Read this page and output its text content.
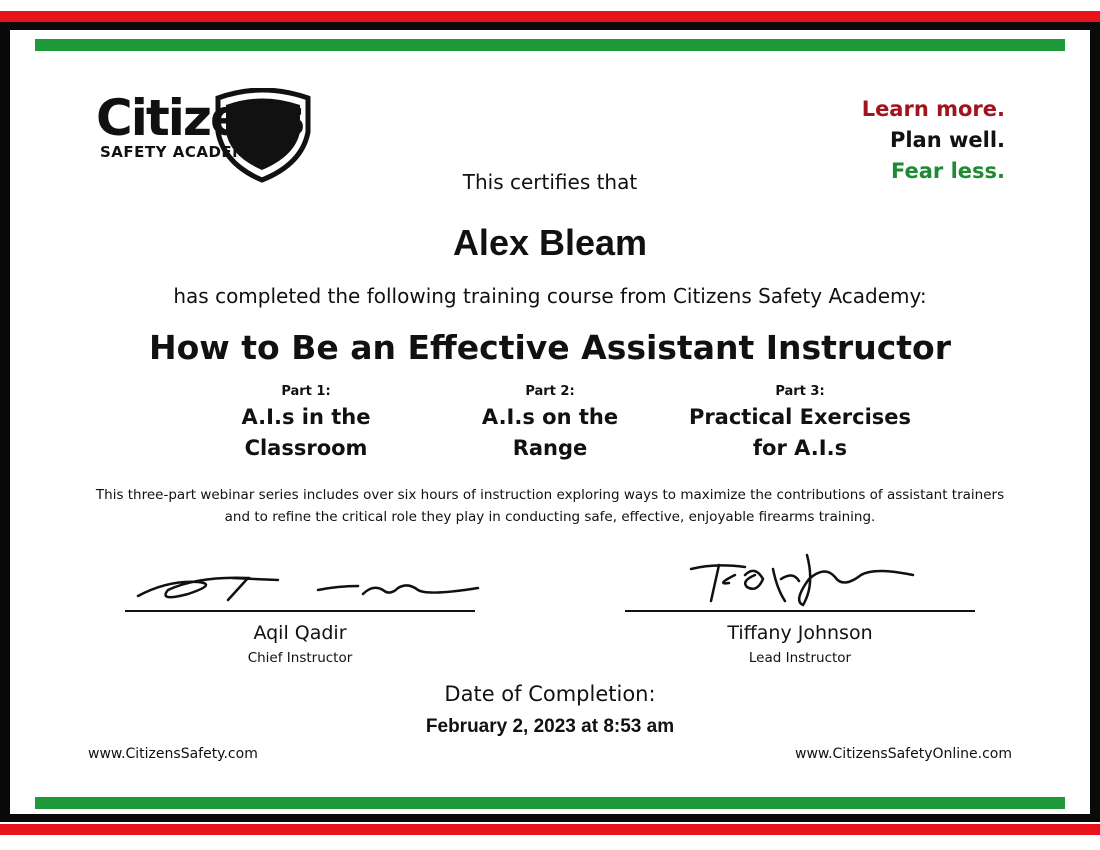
Citizens
SAFETY ACADEMY
Learn more.
Plan well.
Fear less.
This certifies that
Alex Bleam
has completed the following training course from Citizens Safety Academy:
How to Be an Effective Assistant Instructor
Part 1:
A.I.s in the
Classroom
Part 2:
A.I.s on the
Range
Part 3:
Practical Exercises
for A.I.s
This three-part webinar series includes over six hours of instruction exploring ways to maximize the contributions of assistant trainers
and to refine the critical role they play in conducting safe, effective, enjoyable firearms training.
Aqil Qadir
Chief Instructor
Tiffany Johnson
Lead Instructor
Date of Completion:
February 2, 2023 at 8:53 am
www.CitizensSafety.com	www.CitizensSafetyOnline.com
